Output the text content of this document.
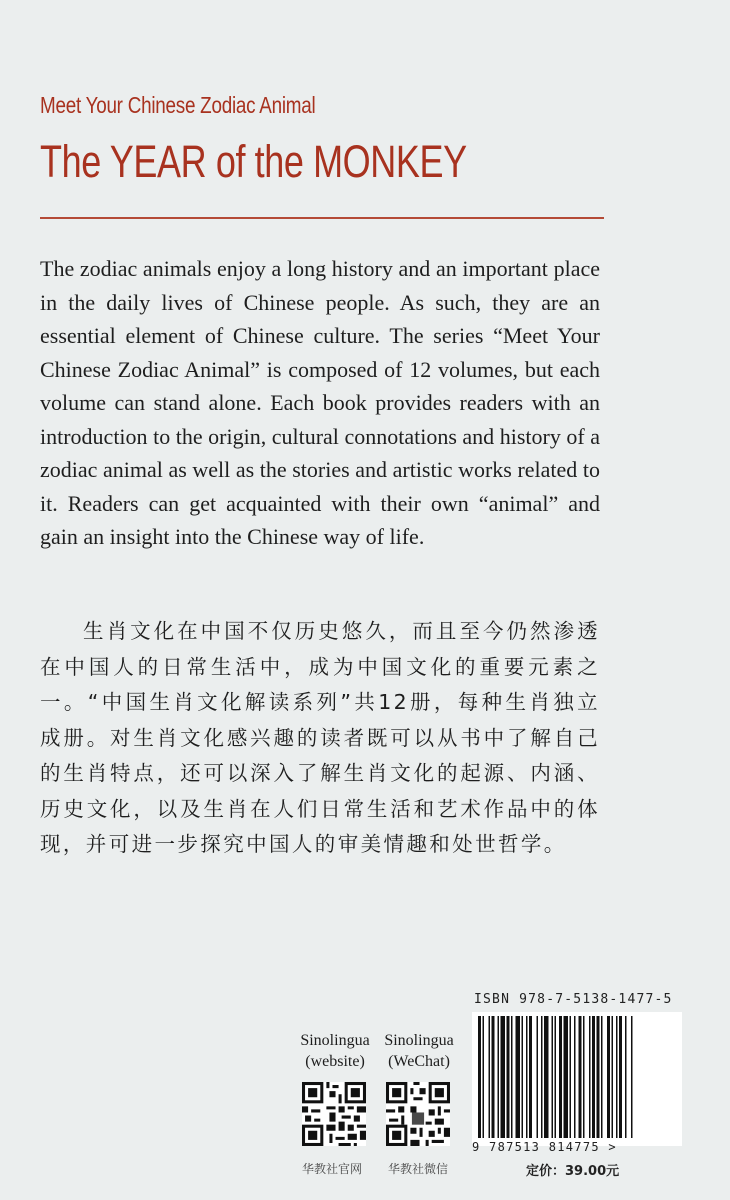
Meet Your Chinese Zodiac Animal
The YEAR of the MONKEY

The zodiac animals enjoy a long history and an important place in the daily lives of Chinese people. As such, they are an essential element of Chinese culture. The series “Meet Your Chinese Zodiac Animal” is composed of 12 volumes, but each volume can stand alone. Each book provides readers with an introduction to the origin, cultural connotations and history of a zodiac animal as well as the stories and artistic works related to it. Readers can get acquainted with their own “animal” and gain an insight into the Chinese way of life.

生肖文化在中国不仅历史悠久，而且至今仍然渗透在中国人的日常生活中，成为中国文化的重要元素之一。“中国生肖文化解读系列”共12册，每种生肖独立成册。对生肖文化感兴趣的读者既可以从书中了解自己的生肖特点，还可以深入了解生肖文化的起源、内涵、历史文化，以及生肖在人们日常生活和艺术作品中的体现，并可进一步探究中国人的审美情趣和处世哲学。

Sinolingua
(website)
华教社官网
Sinolingua
(WeChat)
华教社微信
ISBN 978-7-5138-1477-5
9 787513 814775 >
定价：39.00元
